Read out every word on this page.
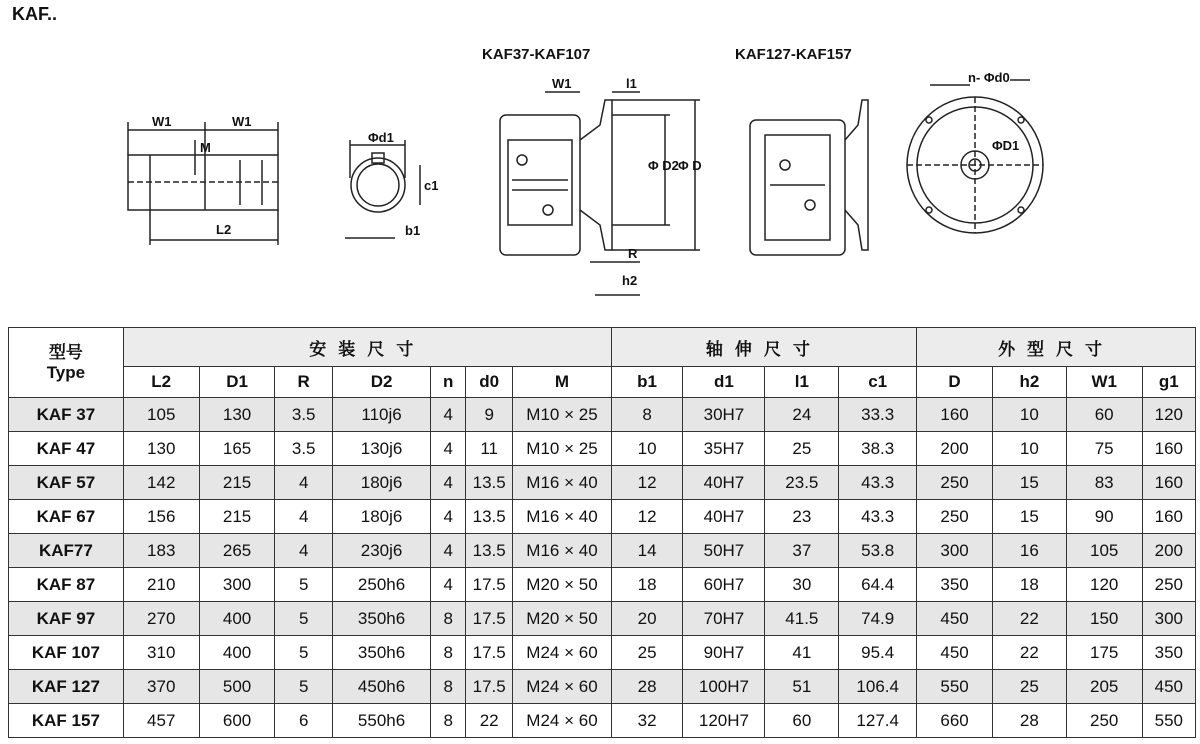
KAF..
KAF37-KAF107	KAF127-KAF157
W1	W1
M
L2
Φd1
c1
b1
W1	l1
Φ D2 Φ D
R
h2
n- Φd0
ΦD1
型号
Type	安装尺寸							轴伸尺寸				外型尺寸			
	L2	D1	R	D2	n	d0	M	b1	d1	l1	c1	D	h2	W1	g1
KAF 37	105	130	3.5	110j6	4	9	M10 × 25	8	30H7	24	33.3	160	10	60	120
KAF 47	130	165	3.5	130j6	4	11	M10 × 25	10	35H7	25	38.3	200	10	75	160
KAF 57	142	215	4	180j6	4	13.5	M16 × 40	12	40H7	23.5	43.3	250	15	83	160
KAF 67	156	215	4	180j6	4	13.5	M16 × 40	12	40H7	23	43.3	250	15	90	160
KAF77	183	265	4	230j6	4	13.5	M16 × 40	14	50H7	37	53.8	300	16	105	200
KAF 87	210	300	5	250h6	4	17.5	M20 × 50	18	60H7	30	64.4	350	18	120	250
KAF 97	270	400	5	350h6	8	17.5	M20 × 50	20	70H7	41.5	74.9	450	22	150	300
KAF 107	310	400	5	350h6	8	17.5	M24 × 60	25	90H7	41	95.4	450	22	175	350
KAF 127	370	500	5	450h6	8	17.5	M24 × 60	28	100H7	51	106.4	550	25	205	450
KAF 157	457	600	6	550h6	8	22	M24 × 60	32	120H7	60	127.4	660	28	250	550
